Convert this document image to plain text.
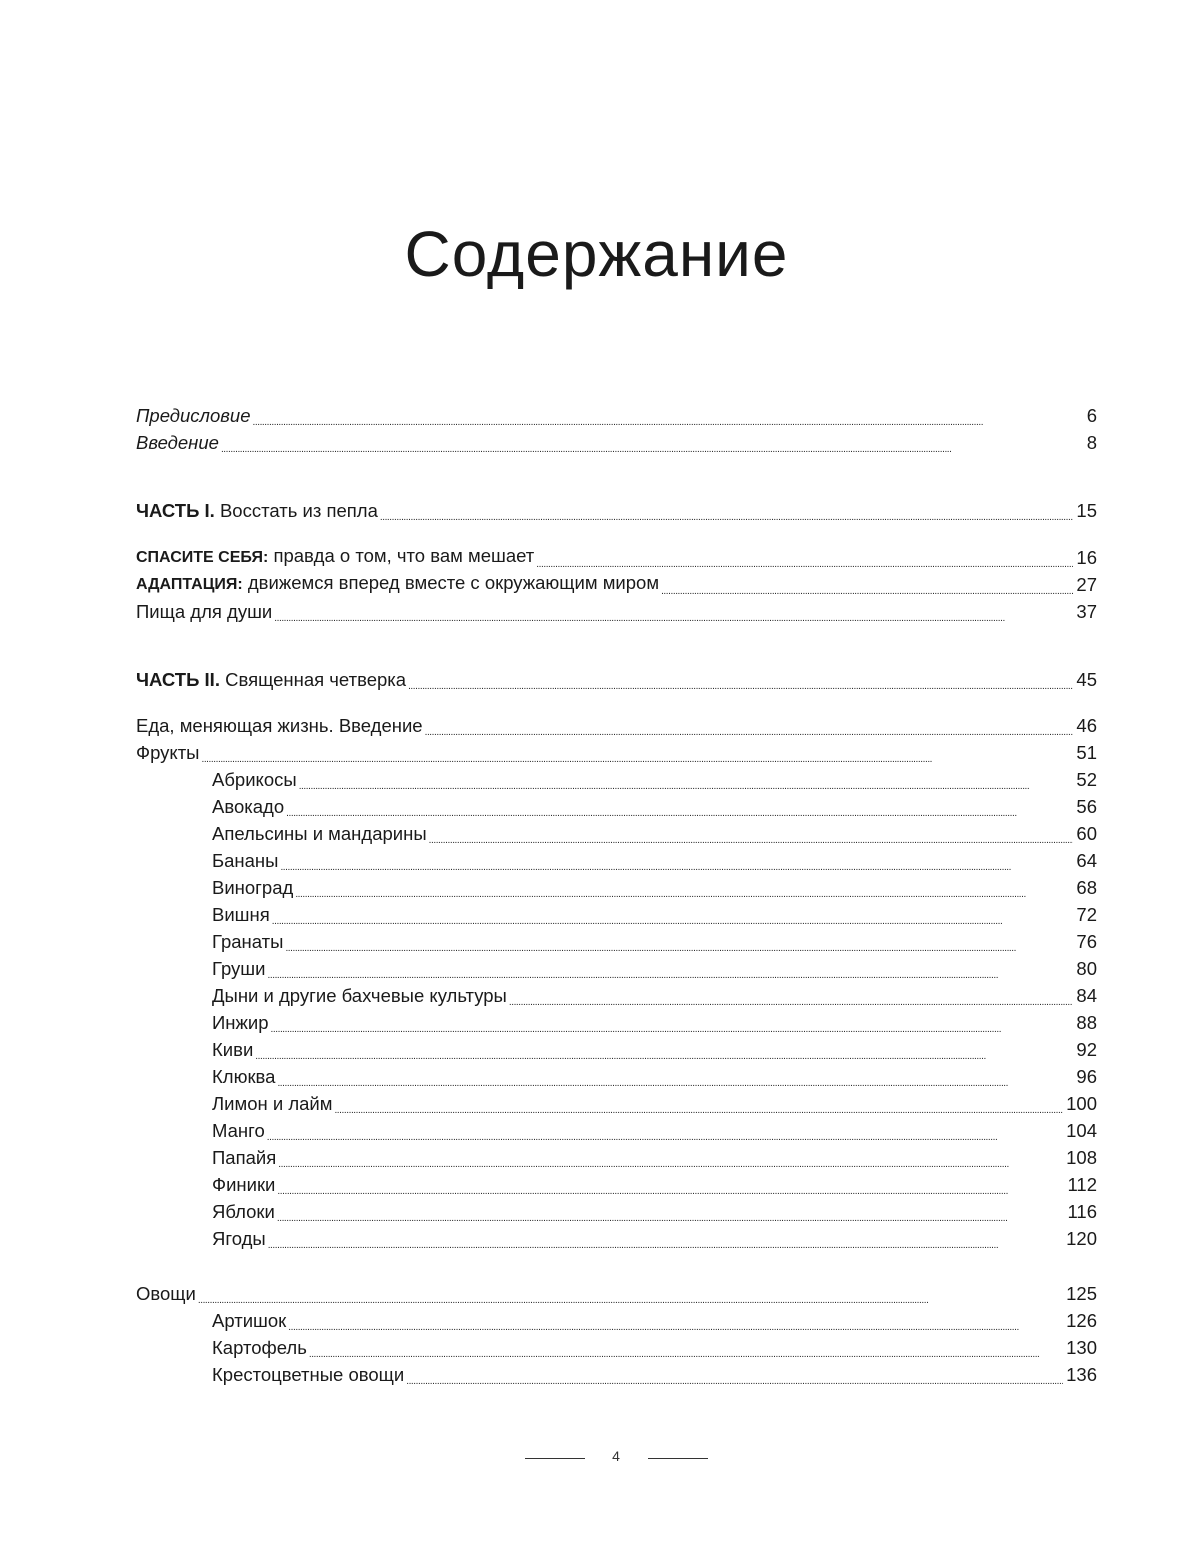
Содержание
Предисловие . . .	6
Введение . . .	8
ЧАСТЬ I. Восстать из пепла . . .	15
СПАСИТЕ СЕБЯ: правда о том, что вам мешает . . .	16
АДАПТАЦИЯ: движемся вперед вместе с окружающим миром . . .	27
Пища для души . . .	37
ЧАСТЬ II. Священная четверка . . .	45
Еда, меняющая жизнь. Введение . . .	46
Фрукты . . .	51
Абрикосы . . .	52
Авокадо . . .	56
Апельсины и мандарины . . .	60
Бананы . . .	64
Виноград . . .	68
Вишня . . .	72
Гранаты . . .	76
Груши . . .	80
Дыни и другие бахчевые культуры . . .	84
Инжир . . .	88
Киви . . .	92
Клюква . . .	96
Лимон и лайм . . .	100
Манго . . .	104
Папайя . . .	108
Финики . . .	112
Яблоки . . .	116
Ягоды . . .	120
Овощи . . .	125
Артишок . . .	126
Картофель . . .	130
Крестоцветные овощи . . .	136
4
